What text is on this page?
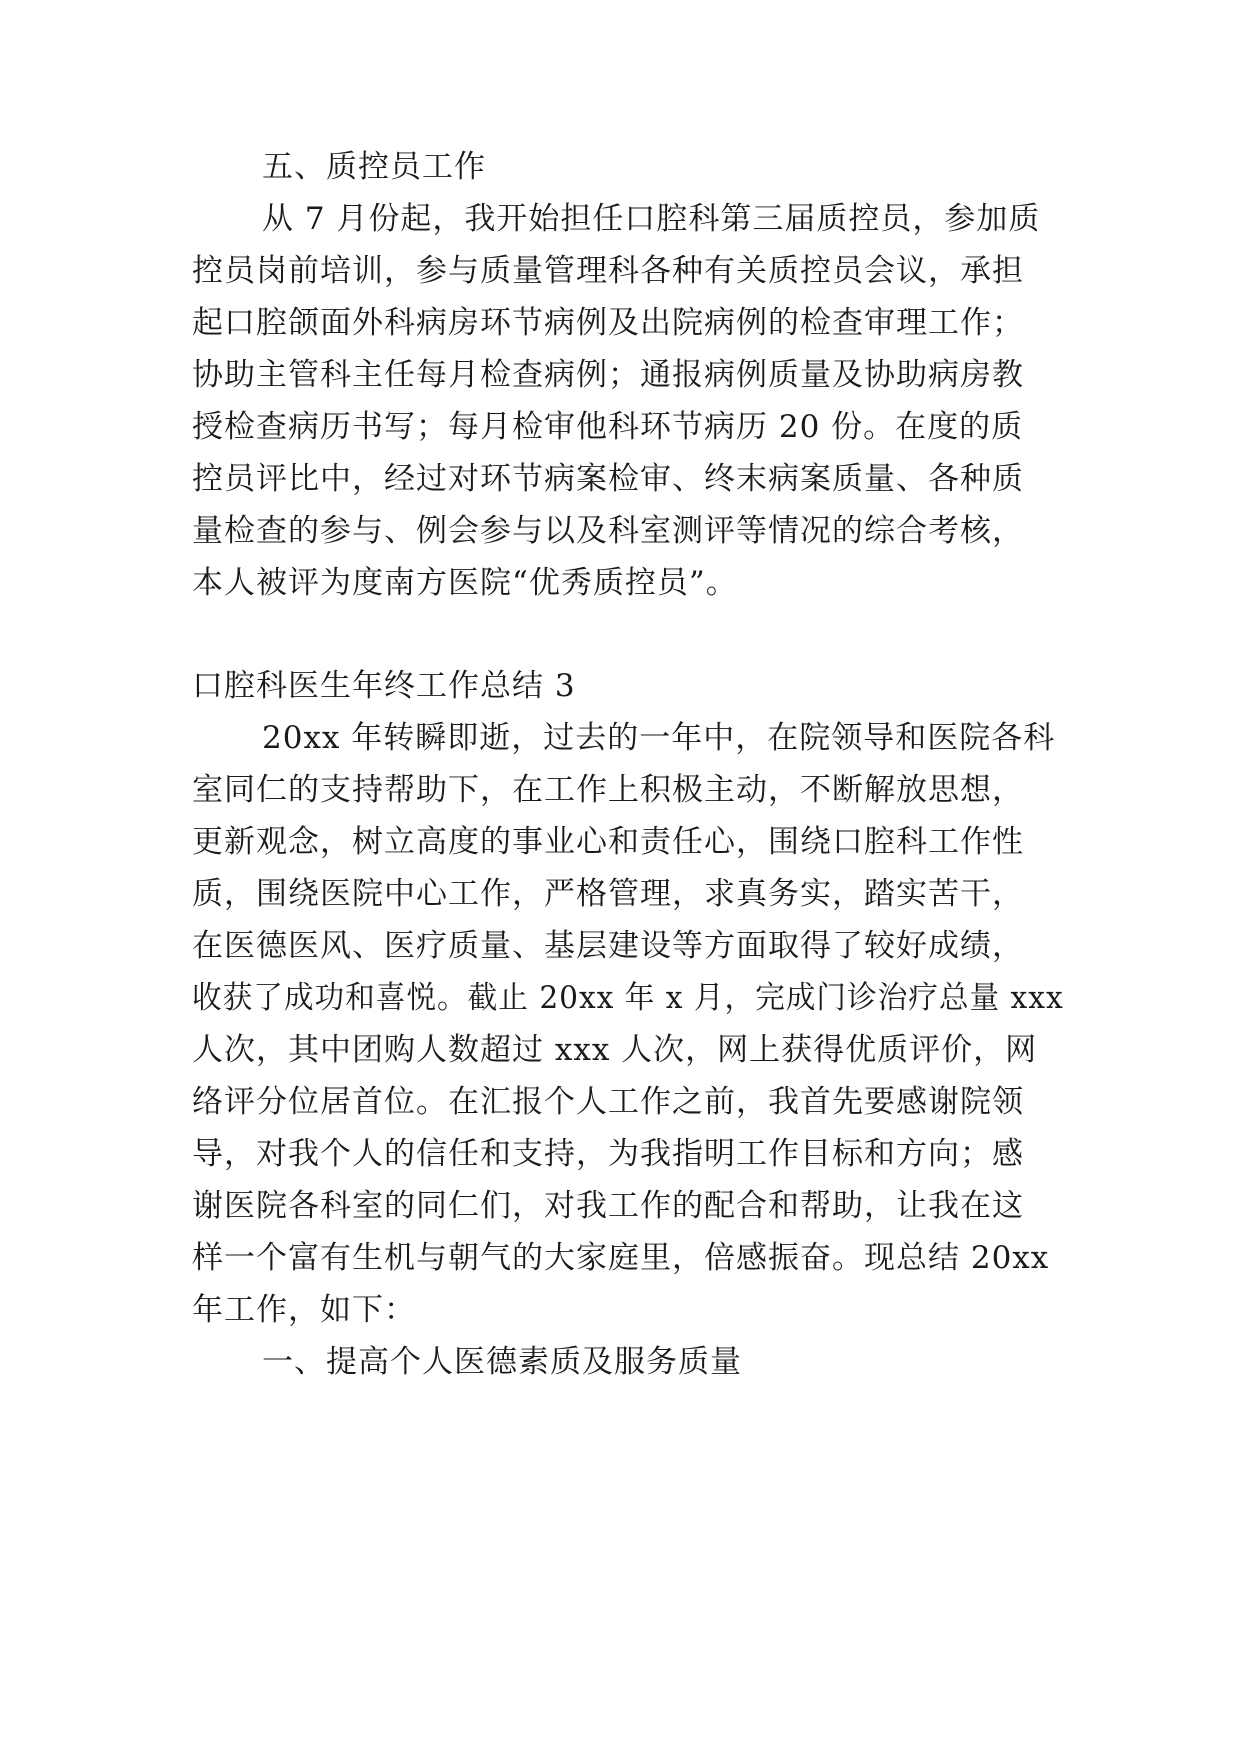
五、质控员工作

从 7 月份起，我开始担任口腔科第三届质控员，参加质

控员岗前培训，参与质量管理科各种有关质控员会议，承担

起口腔颌面外科病房环节病例及出院病例的检查审理工作；

协助主管科主任每月检查病例；通报病例质量及协助病房教

授检查病历书写；每月检审他科环节病历 20 份。在度的质

控员评比中，经过对环节病案检审、终末病案质量、各种质

量检查的参与、例会参与以及科室测评等情况的综合考核，

本人被评为度南方医院“优秀质控员”。

口腔科医生年终工作总结 3

20xx 年转瞬即逝，过去的一年中，在院领导和医院各科

室同仁的支持帮助下，在工作上积极主动，不断解放思想，

更新观念，树立高度的事业心和责任心，围绕口腔科工作性

质，围绕医院中心工作，严格管理，求真务实，踏实苦干，

在医德医风、医疗质量、基层建设等方面取得了较好成绩，

收获了成功和喜悦。截止 20xx 年 x 月，完成门诊治疗总量 xxx

人次，其中团购人数超过 xxx 人次，网上获得优质评价，网

络评分位居首位。在汇报个人工作之前，我首先要感谢院领

导，对我个人的信任和支持，为我指明工作目标和方向；感

谢医院各科室的同仁们，对我工作的配合和帮助，让我在这

样一个富有生机与朝气的大家庭里，倍感振奋。现总结 20xx

年工作，如下：

一、提高个人医德素质及服务质量
